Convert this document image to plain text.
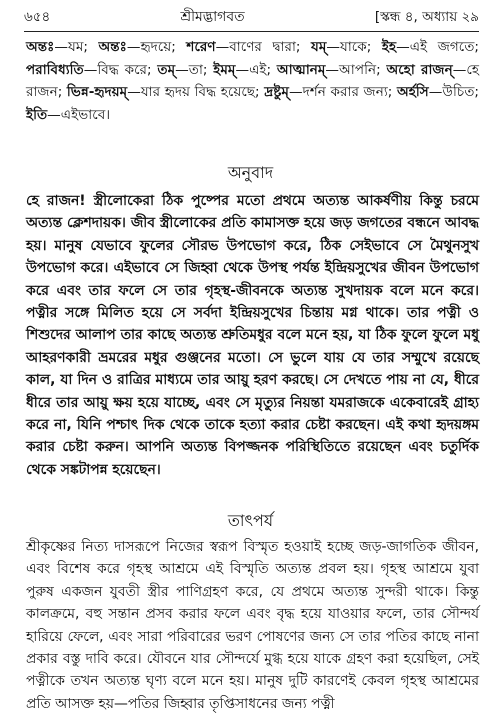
৬৫৪	শ্রীমদ্ভাগবত	[স্কন্ধ ৪, অধ্যায় ২৯
অন্তঃ—যম; অন্তঃ—হৃদয়ে; শরেণ—বাণের দ্বারা; যম্—যাকে; ইহ—এই জগতে; পরাবিধ্যতি—বিদ্ধ করে; তম্—তা; ইমম্—এই; আত্মানম্—আপনি; অহো রাজন্—হে রাজন; ভিন্ন-হৃদয়ম্—যার হৃদয় বিদ্ধ হয়েছে; দ্রষ্টুম্—দর্শন করার জন্য; অর্হসি—উচিত; ইতি—এইভাবে।
অনুবাদ
হে রাজন! স্ত্রীলোকেরা ঠিক পুষ্পের মতো প্রথমে অত্যন্ত আকর্ষণীয় কিন্তু চরমে অত্যন্ত ক্লেশদায়ক। জীব স্ত্রীলোকের প্রতি কামাসক্ত হয়ে জড় জগতের বন্ধনে আবদ্ধ হয়। মানুষ যেভাবে ফুলের সৌরভ উপভোগ করে, ঠিক সেইভাবে সে মৈথুনসুখ উপভোগ করে। এইভাবে সে জিহ্বা থেকে উপস্থ পর্যন্ত ইন্দ্রিয়সুখের জীবন উপভোগ করে এবং তার ফলে সে তার গৃহস্থ-জীবনকে অত্যন্ত সুখদায়ক বলে মনে করে। পত্নীর সঙ্গে মিলিত হয়ে সে সর্বদা ইন্দ্রিয়সুখের চিন্তায় মগ্ন থাকে। তার পত্নী ও শিশুদের আলাপ তার কাছে অত্যন্ত শ্রুতিমধুর বলে মনে হয়, যা ঠিক ফুলে ফুলে মধু আহরণকারী ভ্রমরের মধুর গুঞ্জনের মতো। সে ভুলে যায় যে তার সম্মুখে রয়েছে কাল, যা দিন ও রাত্রির মাধ্যমে তার আয়ু হরণ করছে। সে দেখতে পায় না যে, ধীরে ধীরে তার আয়ু ক্ষয় হয়ে যাচ্ছে, এবং সে মৃত্যুর নিয়ন্তা যমরাজকে একেবারেই গ্রাহ্য করে না, যিনি পশ্চাৎ দিক থেকে তাকে হত্যা করার চেষ্টা করছেন। এই কথা হৃদয়ঙ্গম করার চেষ্টা করুন। আপনি অত্যন্ত বিপজ্জনক পরিস্থিতিতে রয়েছেন এবং চতুর্দিক থেকে সঙ্কটাপন্ন হয়েছেন।
তাৎপর্য
শ্রীকৃষ্ণের নিত্য দাসরূপে নিজের স্বরূপ বিস্মৃত হওয়াই হচ্ছে জড়-জাগতিক জীবন, এবং বিশেষ করে গৃহস্থ আশ্রমে এই বিস্মৃতি অত্যন্ত প্রবল হয়। গৃহস্থ আশ্রমে যুবা পুরুষ একজন যুবতী স্ত্রীর পাণিগ্রহণ করে, যে প্রথমে অত্যন্ত সুন্দরী থাকে। কিন্তু কালক্রমে, বহু সন্তান প্রসব করার ফলে এবং বৃদ্ধ হয়ে যাওয়ার ফলে, তার সৌন্দর্য হারিয়ে ফেলে, এবং সারা পরিবারের ভরণ পোষণের জন্য সে তার পতির কাছে নানা প্রকার বস্তু দাবি করে। যৌবনে যার সৌন্দর্যে মুগ্ধ হয়ে যাকে গ্রহণ করা হয়েছিল, সেই পত্নীকে তখন অত্যন্ত ঘৃণ্য বলে মনে হয়। মানুষ দুটি কারণেই কেবল গৃহস্থ আশ্রমের প্রতি আসক্ত হয়—পতির জিহ্বার তৃপ্তিসাধনের জন্য পত্নী
